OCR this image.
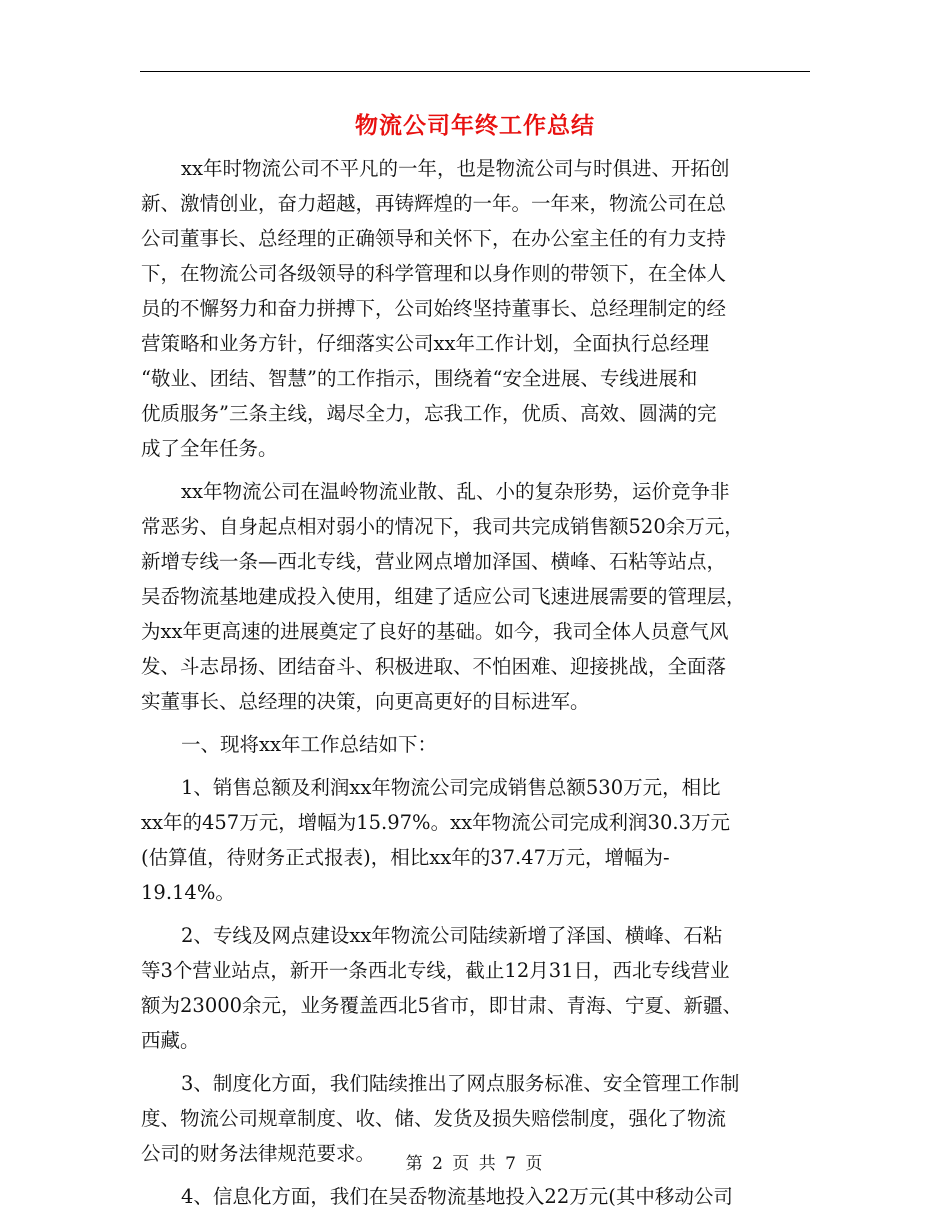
物流公司年终工作总结
xx年时物流公司不平凡的一年，也是物流公司与时俱进、开拓创
新、激情创业，奋力超越，再铸辉煌的一年。一年来，物流公司在总
公司董事长、总经理的正确领导和关怀下，在办公室主任的有力支持
下，在物流公司各级领导的科学管理和以身作则的带领下，在全体人
员的不懈努力和奋力拼搏下，公司始终坚持董事长、总经理制定的经
营策略和业务方针，仔细落实公司xx年工作计划，全面执行总经理
“敬业、团结、智慧”的工作指示，围绕着“安全进展、专线进展和
优质服务”三条主线，竭尽全力，忘我工作，优质、高效、圆满的完
成了全年任务。
xx年物流公司在温岭物流业散、乱、小的复杂形势，运价竞争非
常恶劣、自身起点相对弱小的情况下，我司共完成销售额520余万元，
新增专线一条—西北专线，营业网点增加泽国、横峰、石粘等站点，
吴岙物流基地建成投入使用，组建了适应公司飞速进展需要的管理层，
为xx年更高速的进展奠定了良好的基础。如今，我司全体人员意气风
发、斗志昂扬、团结奋斗、积极进取、不怕困难、迎接挑战，全面落
实董事长、总经理的决策，向更高更好的目标进军。
一、现将xx年工作总结如下：
1、销售总额及利润xx年物流公司完成销售总额530万元，相比
xx年的457万元，增幅为15.97%。xx年物流公司完成利润30.3万元
(估算值，待财务正式报表)，相比xx年的37.47万元，增幅为-
19.14%。
2、专线及网点建设xx年物流公司陆续新增了泽国、横峰、石粘
等3个营业站点，新开一条西北专线，截止12月31日，西北专线营业
额为23000余元，业务覆盖西北5省市，即甘肃、青海、宁夏、新疆、
西藏。
3、制度化方面，我们陆续推出了网点服务标准、安全管理工作制
度、物流公司规章制度、收、储、发货及损失赔偿制度，强化了物流
公司的财务法律规范要求。
4、信息化方面，我们在吴岙物流基地投入22万元(其中移动公司
第 2 页 共 7 页
